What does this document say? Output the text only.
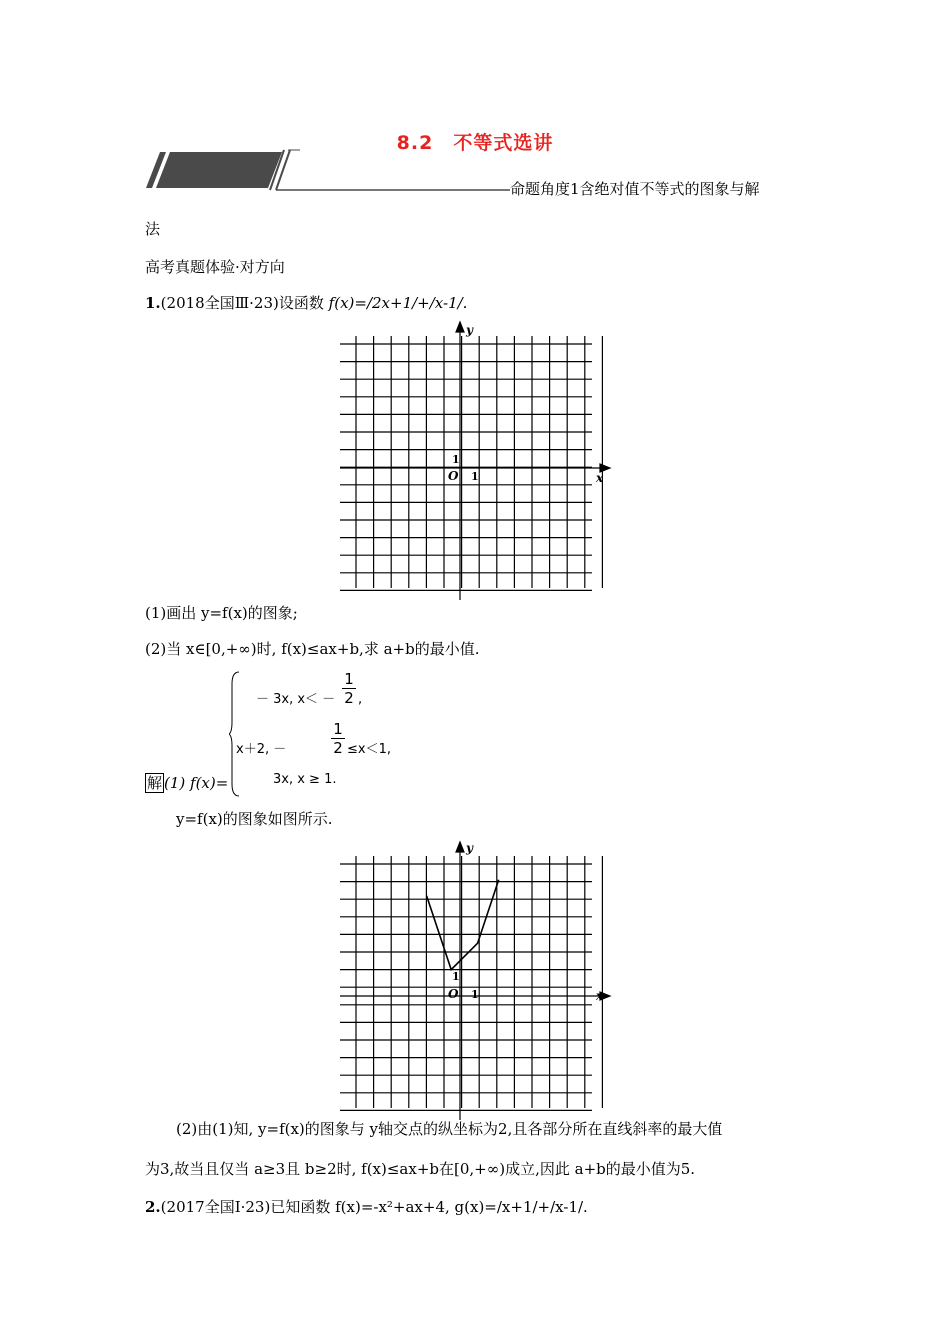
8.2　不等式选讲
命题角度1含绝对值不等式的图象与解
法
高考真题体验·对方向
1.(2018全国Ⅲ·23)设函数 f(x)=/2x+1/+/x-1/.
y
x
O 1
1
(1)画出 y=f(x)的图象;
(2)当 x∈[0,+∞)时, f(x)≤ax+b,求 a+b的最小值.
解 (1) f(x)=
－ 3x, x＜ －
1
2 ,
x＋2, －
1
2 ≤x＜1,
3x, x ≥ 1.
y=f(x)的图象如图所示.
y
x
O 1
1
(2)由(1)知, y=f(x)的图象与 y轴交点的纵坐标为2,且各部分所在直线斜率的最大值
为3,故当且仅当 a≥3且 b≥2时, f(x)≤ax+b在[0,+∞)成立,因此 a+b的最小值为5.
2.(2017全国Ⅰ·23)已知函数 f(x)=-x²+ax+4, g(x)=/x+1/+/x-1/.
